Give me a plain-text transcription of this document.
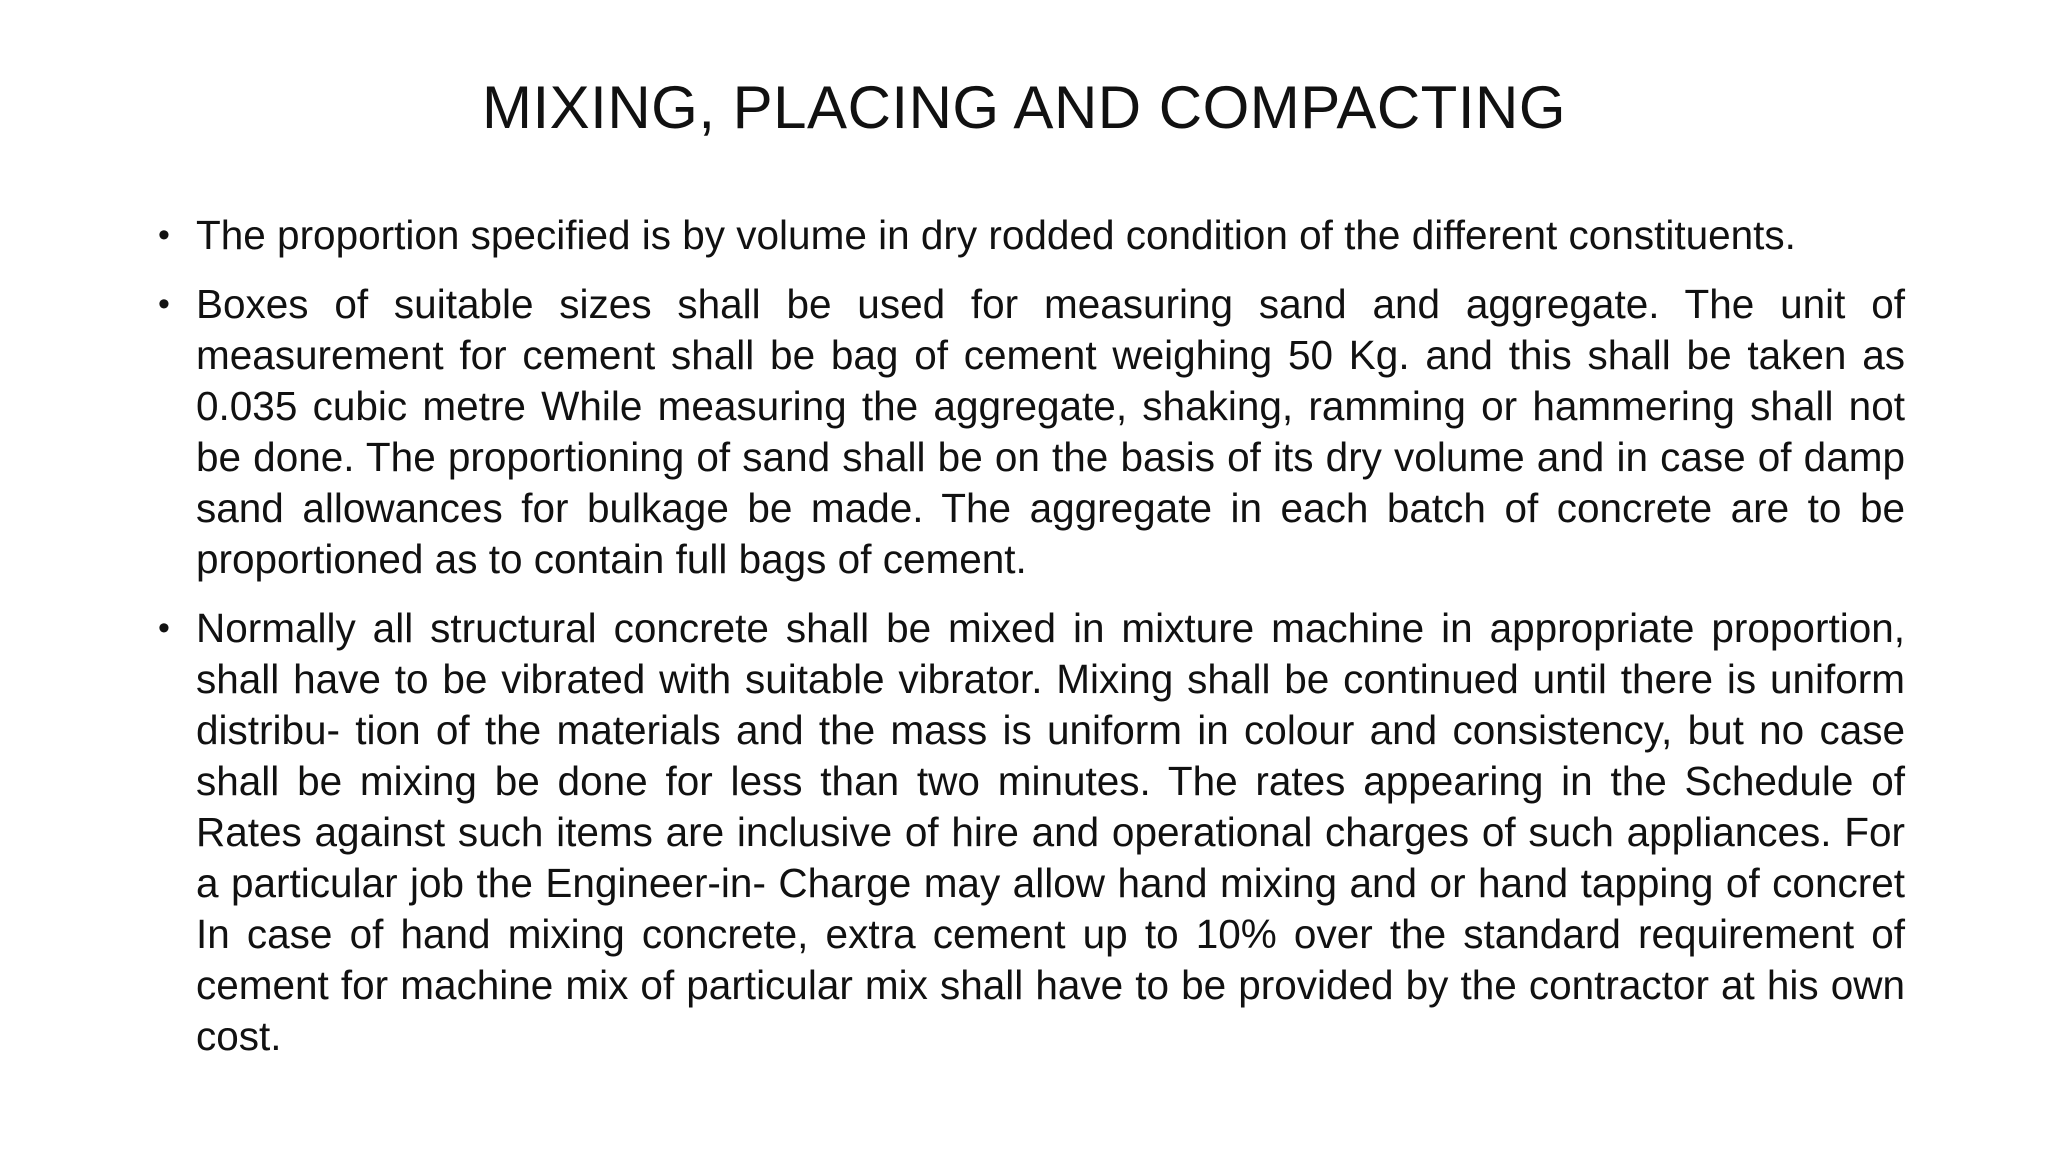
MIXING, PLACING AND COMPACTING
• The proportion specified is by volume in dry rodded condition of the different constituents.
• Boxes of suitable sizes shall be used for measuring sand and aggregate. The unit of measurement for cement shall be bag of cement weighing 50 Kg. and this shall be taken as 0.035 cubic metre While measuring the aggregate, shaking, ramming or hammering shall not be done. The proportioning of sand shall be on the basis of its dry volume and in case of damp sand allowances for bulkage be made. The aggregate in each batch of concrete are to be proportioned as to contain full bags of cement.
• Normally all structural concrete shall be mixed in mixture machine in appropriate proportion, shall have to be vibrated with suitable vibrator. Mixing shall be continued until there is uniform distribu- tion of the materials and the mass is uniform in colour and consistency, but no case shall be mixing be done for less than two minutes. The rates appearing in the Schedule of Rates against such items are inclusive of hire and operational charges of such appliances. For a particular job the Engineer-in- Charge may allow hand mixing and or hand tapping of concret In case of hand mixing concrete, extra cement up to 10% over the standard requirement of cement for machine mix of particular mix shall have to be provided by the contractor at his own cost.
